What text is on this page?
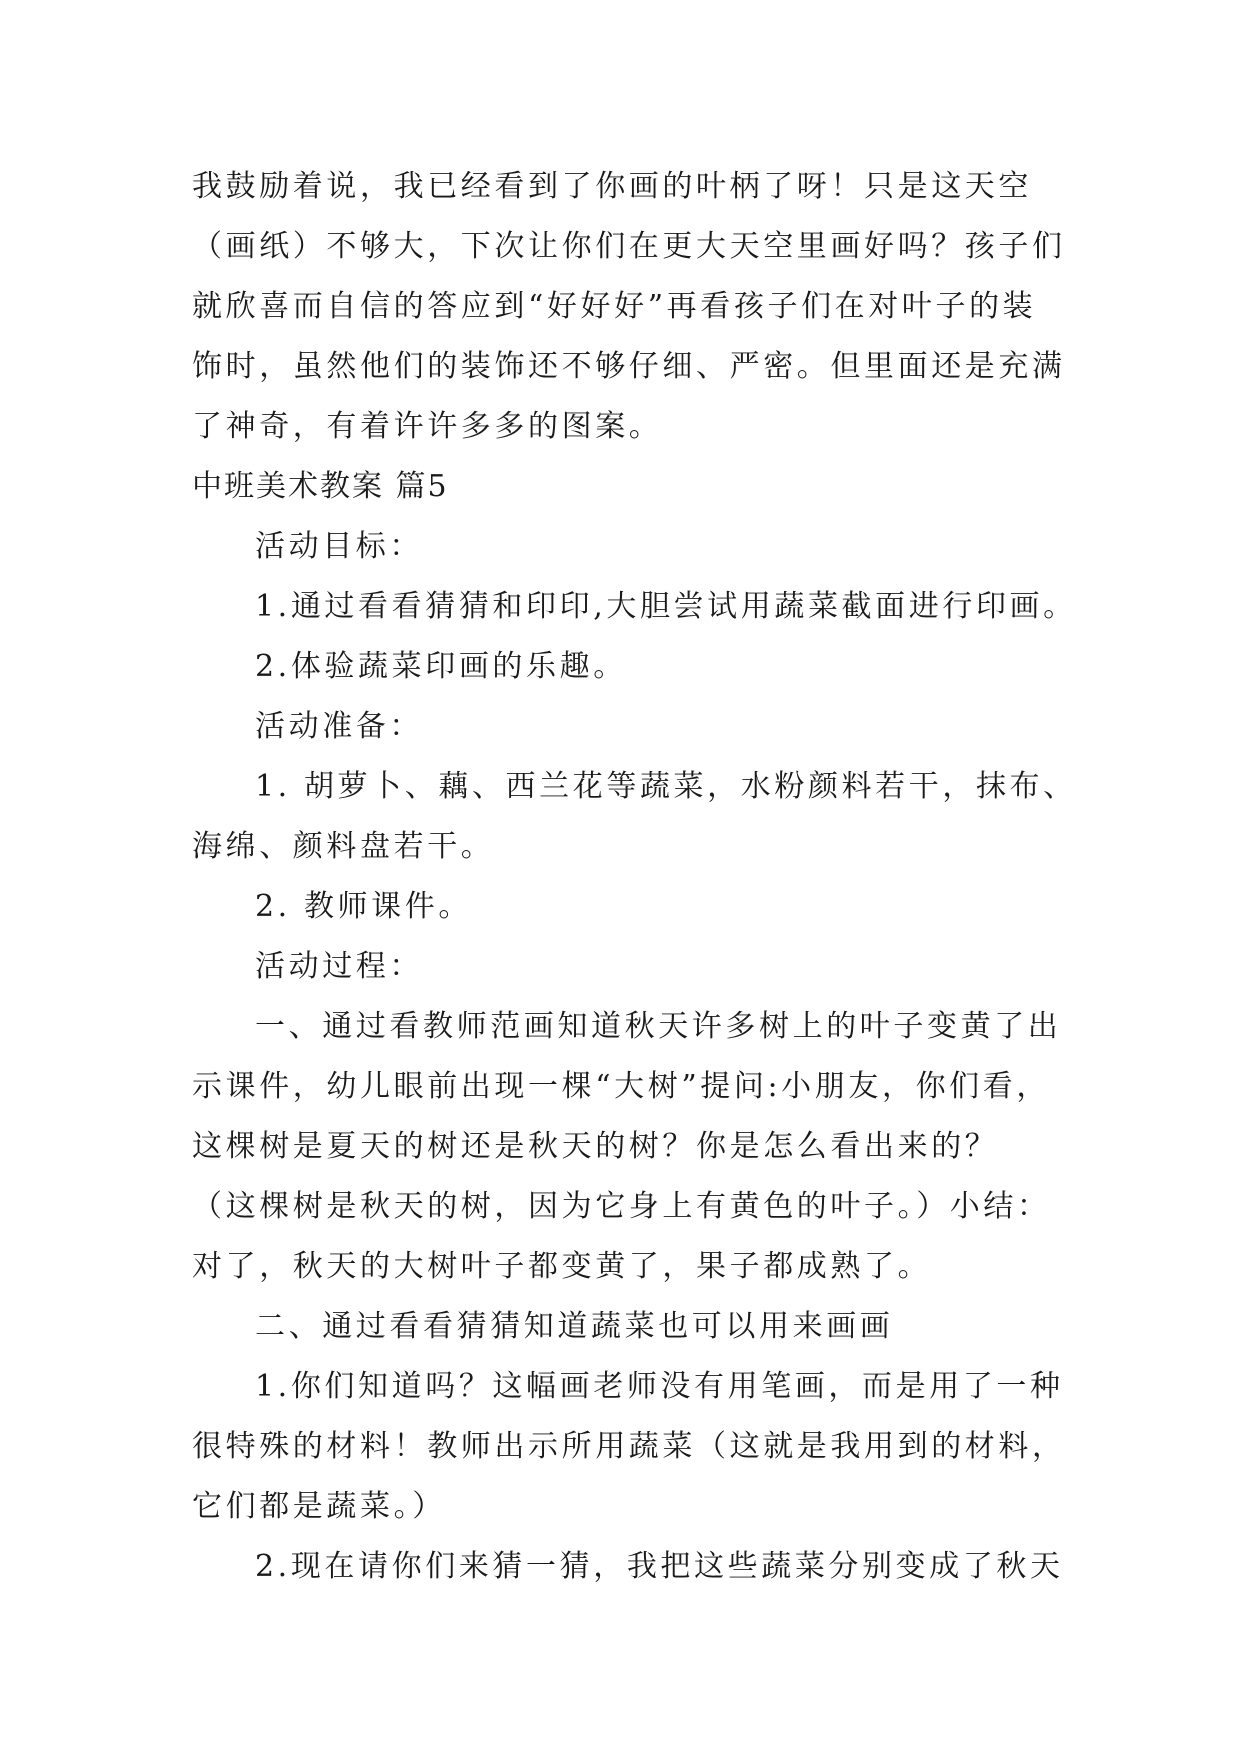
我鼓励着说，我已经看到了你画的叶柄了呀！只是这天空
（画纸）不够大，下次让你们在更大天空里画好吗？孩子们
就欣喜而自信的答应到“好好好”再看孩子们在对叶子的装
饰时，虽然他们的装饰还不够仔细、严密。但里面还是充满
了神奇，有着许许多多的图案。
中班美术教案 篇5
活动目标：
1.通过看看猜猜和印印,大胆尝试用蔬菜截面进行印画。
2.体验蔬菜印画的乐趣。
活动准备：
1. 胡萝卜、藕、西兰花等蔬菜，水粉颜料若干，抹布、
海绵、颜料盘若干。
2. 教师课件。
活动过程：
一、通过看教师范画知道秋天许多树上的叶子变黄了出
示课件，幼儿眼前出现一棵“大树”提问:小朋友，你们看，
这棵树是夏天的树还是秋天的树？你是怎么看出来的？
（这棵树是秋天的树，因为它身上有黄色的叶子。）小结：
对了，秋天的大树叶子都变黄了，果子都成熟了。
二、通过看看猜猜知道蔬菜也可以用来画画
1.你们知道吗？这幅画老师没有用笔画，而是用了一种
很特殊的材料！教师出示所用蔬菜（这就是我用到的材料，
它们都是蔬菜。）
2.现在请你们来猜一猜，我把这些蔬菜分别变成了秋天
